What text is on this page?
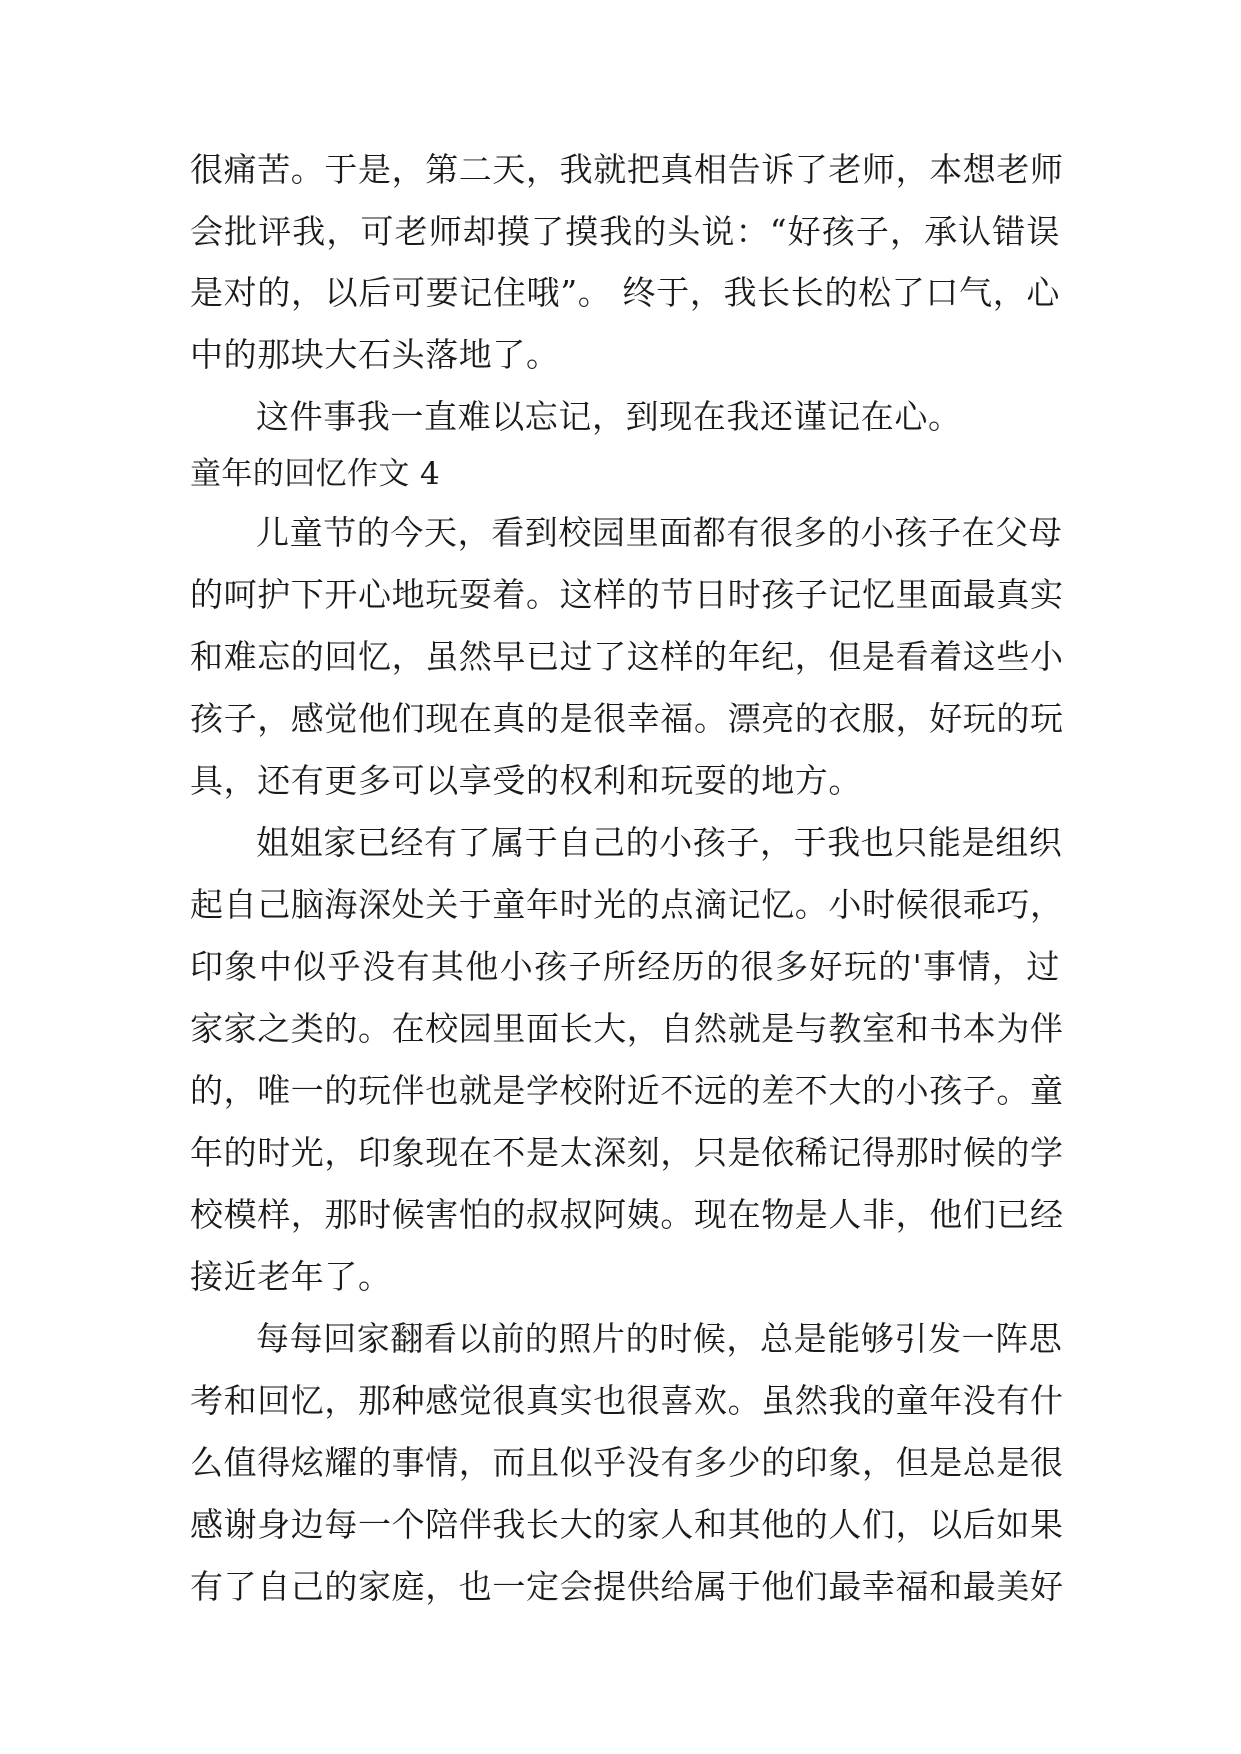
很痛苦。于是，第二天，我就把真相告诉了老师，本想老师

会批评我，可老师却摸了摸我的头说：“好孩子，承认错误

是对的，以后可要记住哦”。 终于，我长长的松了口气，心

中的那块大石头落地了。

这件事我一直难以忘记，到现在我还谨记在心。

童年的回忆作文 4

儿童节的今天，看到校园里面都有很多的小孩子在父母

的呵护下开心地玩耍着。这样的节日时孩子记忆里面最真实

和难忘的回忆，虽然早已过了这样的年纪，但是看着这些小

孩子，感觉他们现在真的是很幸福。漂亮的衣服，好玩的玩

具，还有更多可以享受的权利和玩耍的地方。

姐姐家已经有了属于自己的小孩子，于我也只能是组织

起自己脑海深处关于童年时光的点滴记忆。小时候很乖巧，

印象中似乎没有其他小孩子所经历的很多好玩的'事情，过

家家之类的。在校园里面长大，自然就是与教室和书本为伴

的，唯一的玩伴也就是学校附近不远的差不大的小孩子。童

年的时光，印象现在不是太深刻，只是依稀记得那时候的学

校模样，那时候害怕的叔叔阿姨。现在物是人非，他们已经

接近老年了。

每每回家翻看以前的照片的时候，总是能够引发一阵思

考和回忆，那种感觉很真实也很喜欢。虽然我的童年没有什

么值得炫耀的事情，而且似乎没有多少的印象，但是总是很

感谢身边每一个陪伴我长大的家人和其他的人们，以后如果

有了自己的家庭，也一定会提供给属于他们最幸福和最美好
